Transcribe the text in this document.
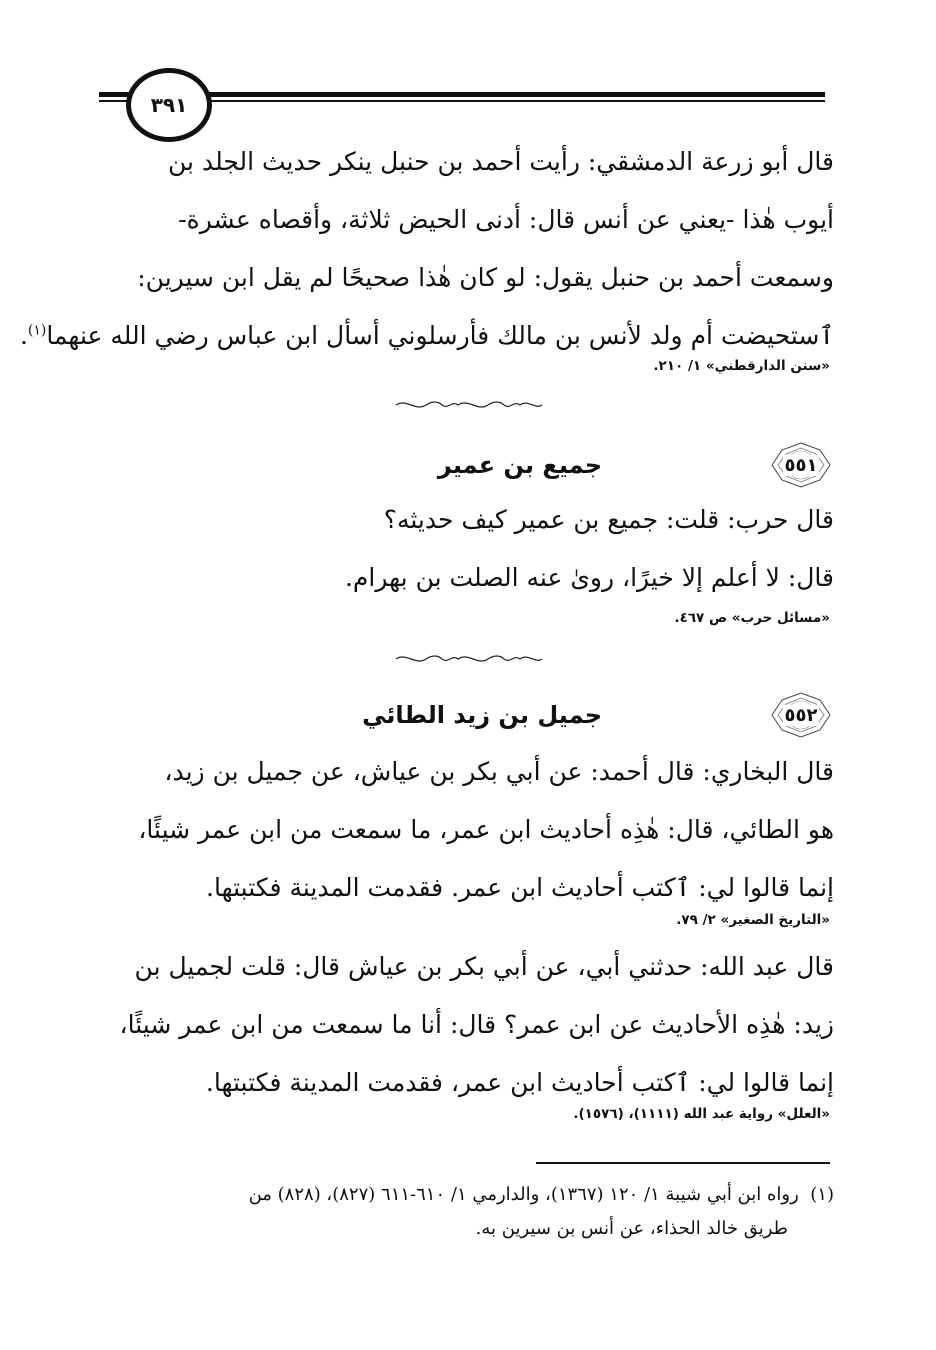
٣٩١
قال أبو زرعة الدمشقي: رأيت أحمد بن حنبل ينكر حديث الجلد بن
أيوب هٰذا -يعني عن أنس قال: أدنى الحيض ثلاثة، وأقصاه عشرة-
وسمعت أحمد بن حنبل يقول: لو كان هٰذا صحيحًا لم يقل ابن سيرين:
ٱستحيضت أم ولد لأنس بن مالك فأرسلوني أسأل ابن عباس رضي الله عنهما$^{(١)}$.
«سنن الدارقطني» ١/ ٢١٠.
٥٥١
جميع بن عمير
قال حرب: قلت: جميع بن عمير كيف حديثه؟
قال: لا أعلم إلا خيرًا، روىٰ عنه الصلت بن بهرام.
«مسائل حرب» ص ٤٦٧.
٥٥٢
جميل بن زيد الطائي
قال البخاري: قال أحمد: عن أبي بكر بن عياش، عن جميل بن زيد،
هو الطائي، قال: هٰذِه أحاديث ابن عمر، ما سمعت من ابن عمر شيئًا،
إنما قالوا لي: ٱكتب أحاديث ابن عمر. فقدمت المدينة فكتبتها.
«التاريخ الصغير» ٢/ ٧٩.
قال عبد الله: حدثني أبي، عن أبي بكر بن عياش قال: قلت لجميل بن
زيد: هٰذِه الأحاديث عن ابن عمر؟ قال: أنا ما سمعت من ابن عمر شيئًا،
إنما قالوا لي: ٱكتب أحاديث ابن عمر، فقدمت المدينة فكتبتها.
«العلل» رواية عبد الله (١١١١)، (١٥٧٦).
(١)  رواه ابن أبي شيبة ١/ ١٢٠ (١٣٦٧)، والدارمي ١/ ٦١٠-٦١١ (٨٢٧)، (٨٢٨) من
طريق خالد الحذاء، عن أنس بن سيرين به.
